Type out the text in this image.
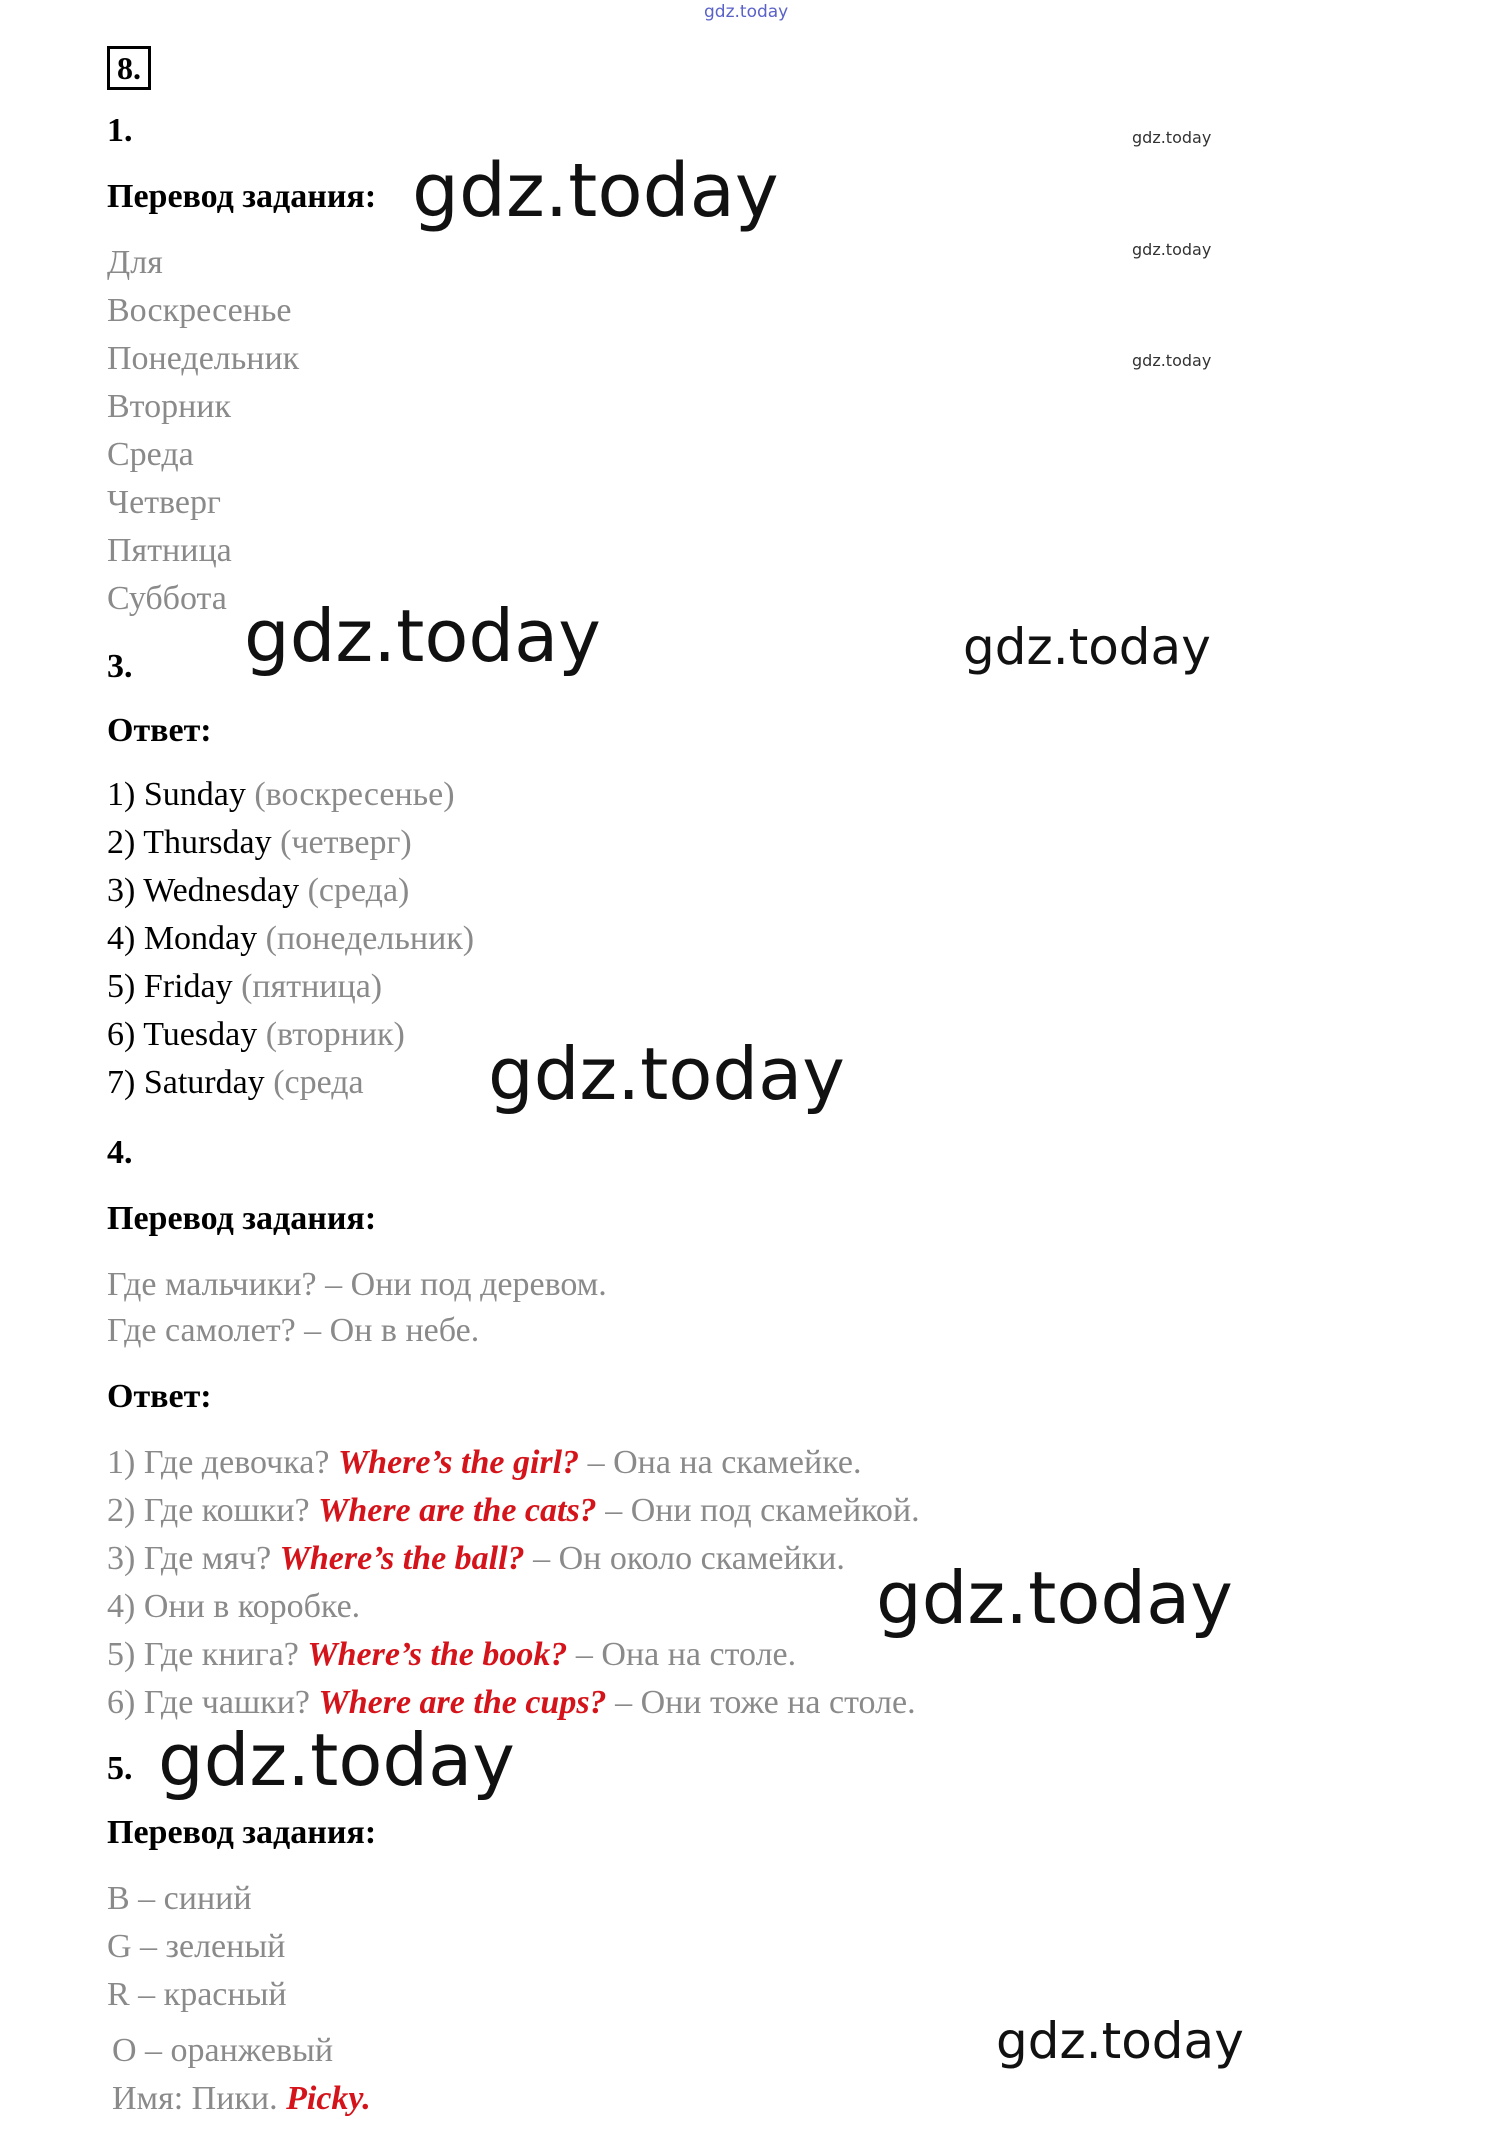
gdz.today
8.
1.	gdz.today
Перевод задания: gdz.today
gdz.today
gdz.today
Для
Воскресенье
Понедельник
Вторник
Среда
Четверг
Пятница
Суббота gdz.today	gdz.today
3.
Ответ:
1) Sunday (воскресенье)
2) Thursday (четверг)
3) Wednesday (среда)
4) Monday (понедельник)
5) Friday (пятница)
6) Tuesday (вторник)
7) Saturday (среда gdz.today
4.
Перевод задания:
Где мальчики? – Они под деревом.
Где самолет? – Он в небе.
Ответ:
1) Где девочка? Where’s the girl? – Она на скамейке.
2) Где кошки? Where are the cats? – Они под скамейкой.
3) Где мяч? Where’s the ball? – Он около скамейки.
4) Они в коробке.
5) Где книга? Where’s the book? – Она на столе.
6) Где чашки? Where are the cups? – Они тоже на столе.
gdz.today
5. gdz.today
Перевод задания:
B – синий
G – зеленый
R – красный
O – оранжевый
Имя: Пики. Picky.
gdz.today
